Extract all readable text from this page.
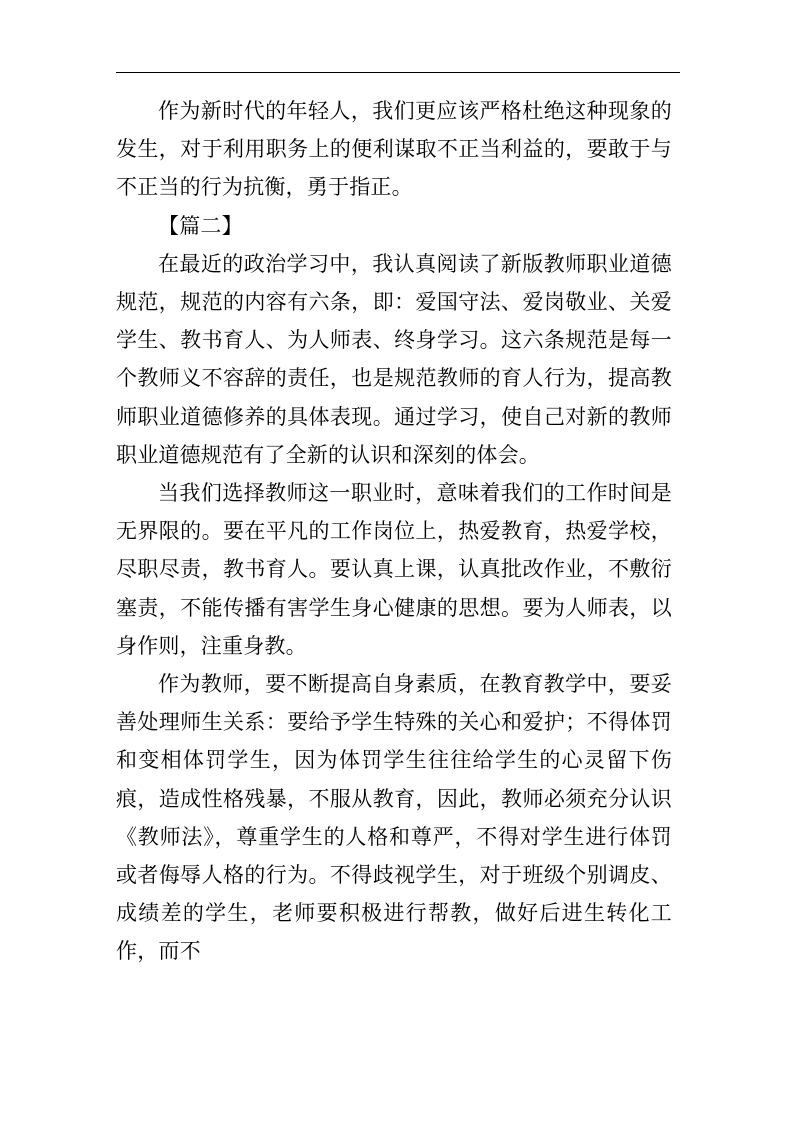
作为新时代的年轻人，我们更应该严格杜绝这种现象的发生，对于利用职务上的便利谋取不正当利益的，要敢于与不正当的行为抗衡，勇于指正。

【篇二】

在最近的政治学习中，我认真阅读了新版教师职业道德规范，规范的内容有六条，即：爱国守法、爱岗敬业、关爱学生、教书育人、为人师表、终身学习。这六条规范是每一个教师义不容辞的责任，也是规范教师的育人行为，提高教师职业道德修养的具体表现。通过学习，使自己对新的教师职业道德规范有了全新的认识和深刻的体会。

当我们选择教师这一职业时，意味着我们的工作时间是无界限的。要在平凡的工作岗位上，热爱教育，热爱学校，尽职尽责，教书育人。要认真上课，认真批改作业，不敷衍塞责，不能传播有害学生身心健康的思想。要为人师表，以身作则，注重身教。

作为教师，要不断提高自身素质，在教育教学中，要妥善处理师生关系：要给予学生特殊的关心和爱护；不得体罚和变相体罚学生，因为体罚学生往往给学生的心灵留下伤痕，造成性格残暴，不服从教育，因此，教师必须充分认识《教师法》，尊重学生的人格和尊严，不得对学生进行体罚或者侮辱人格的行为。不得歧视学生，对于班级个别调皮、成绩差的学生，老师要积极进行帮教，做好后进生转化工作，而不
